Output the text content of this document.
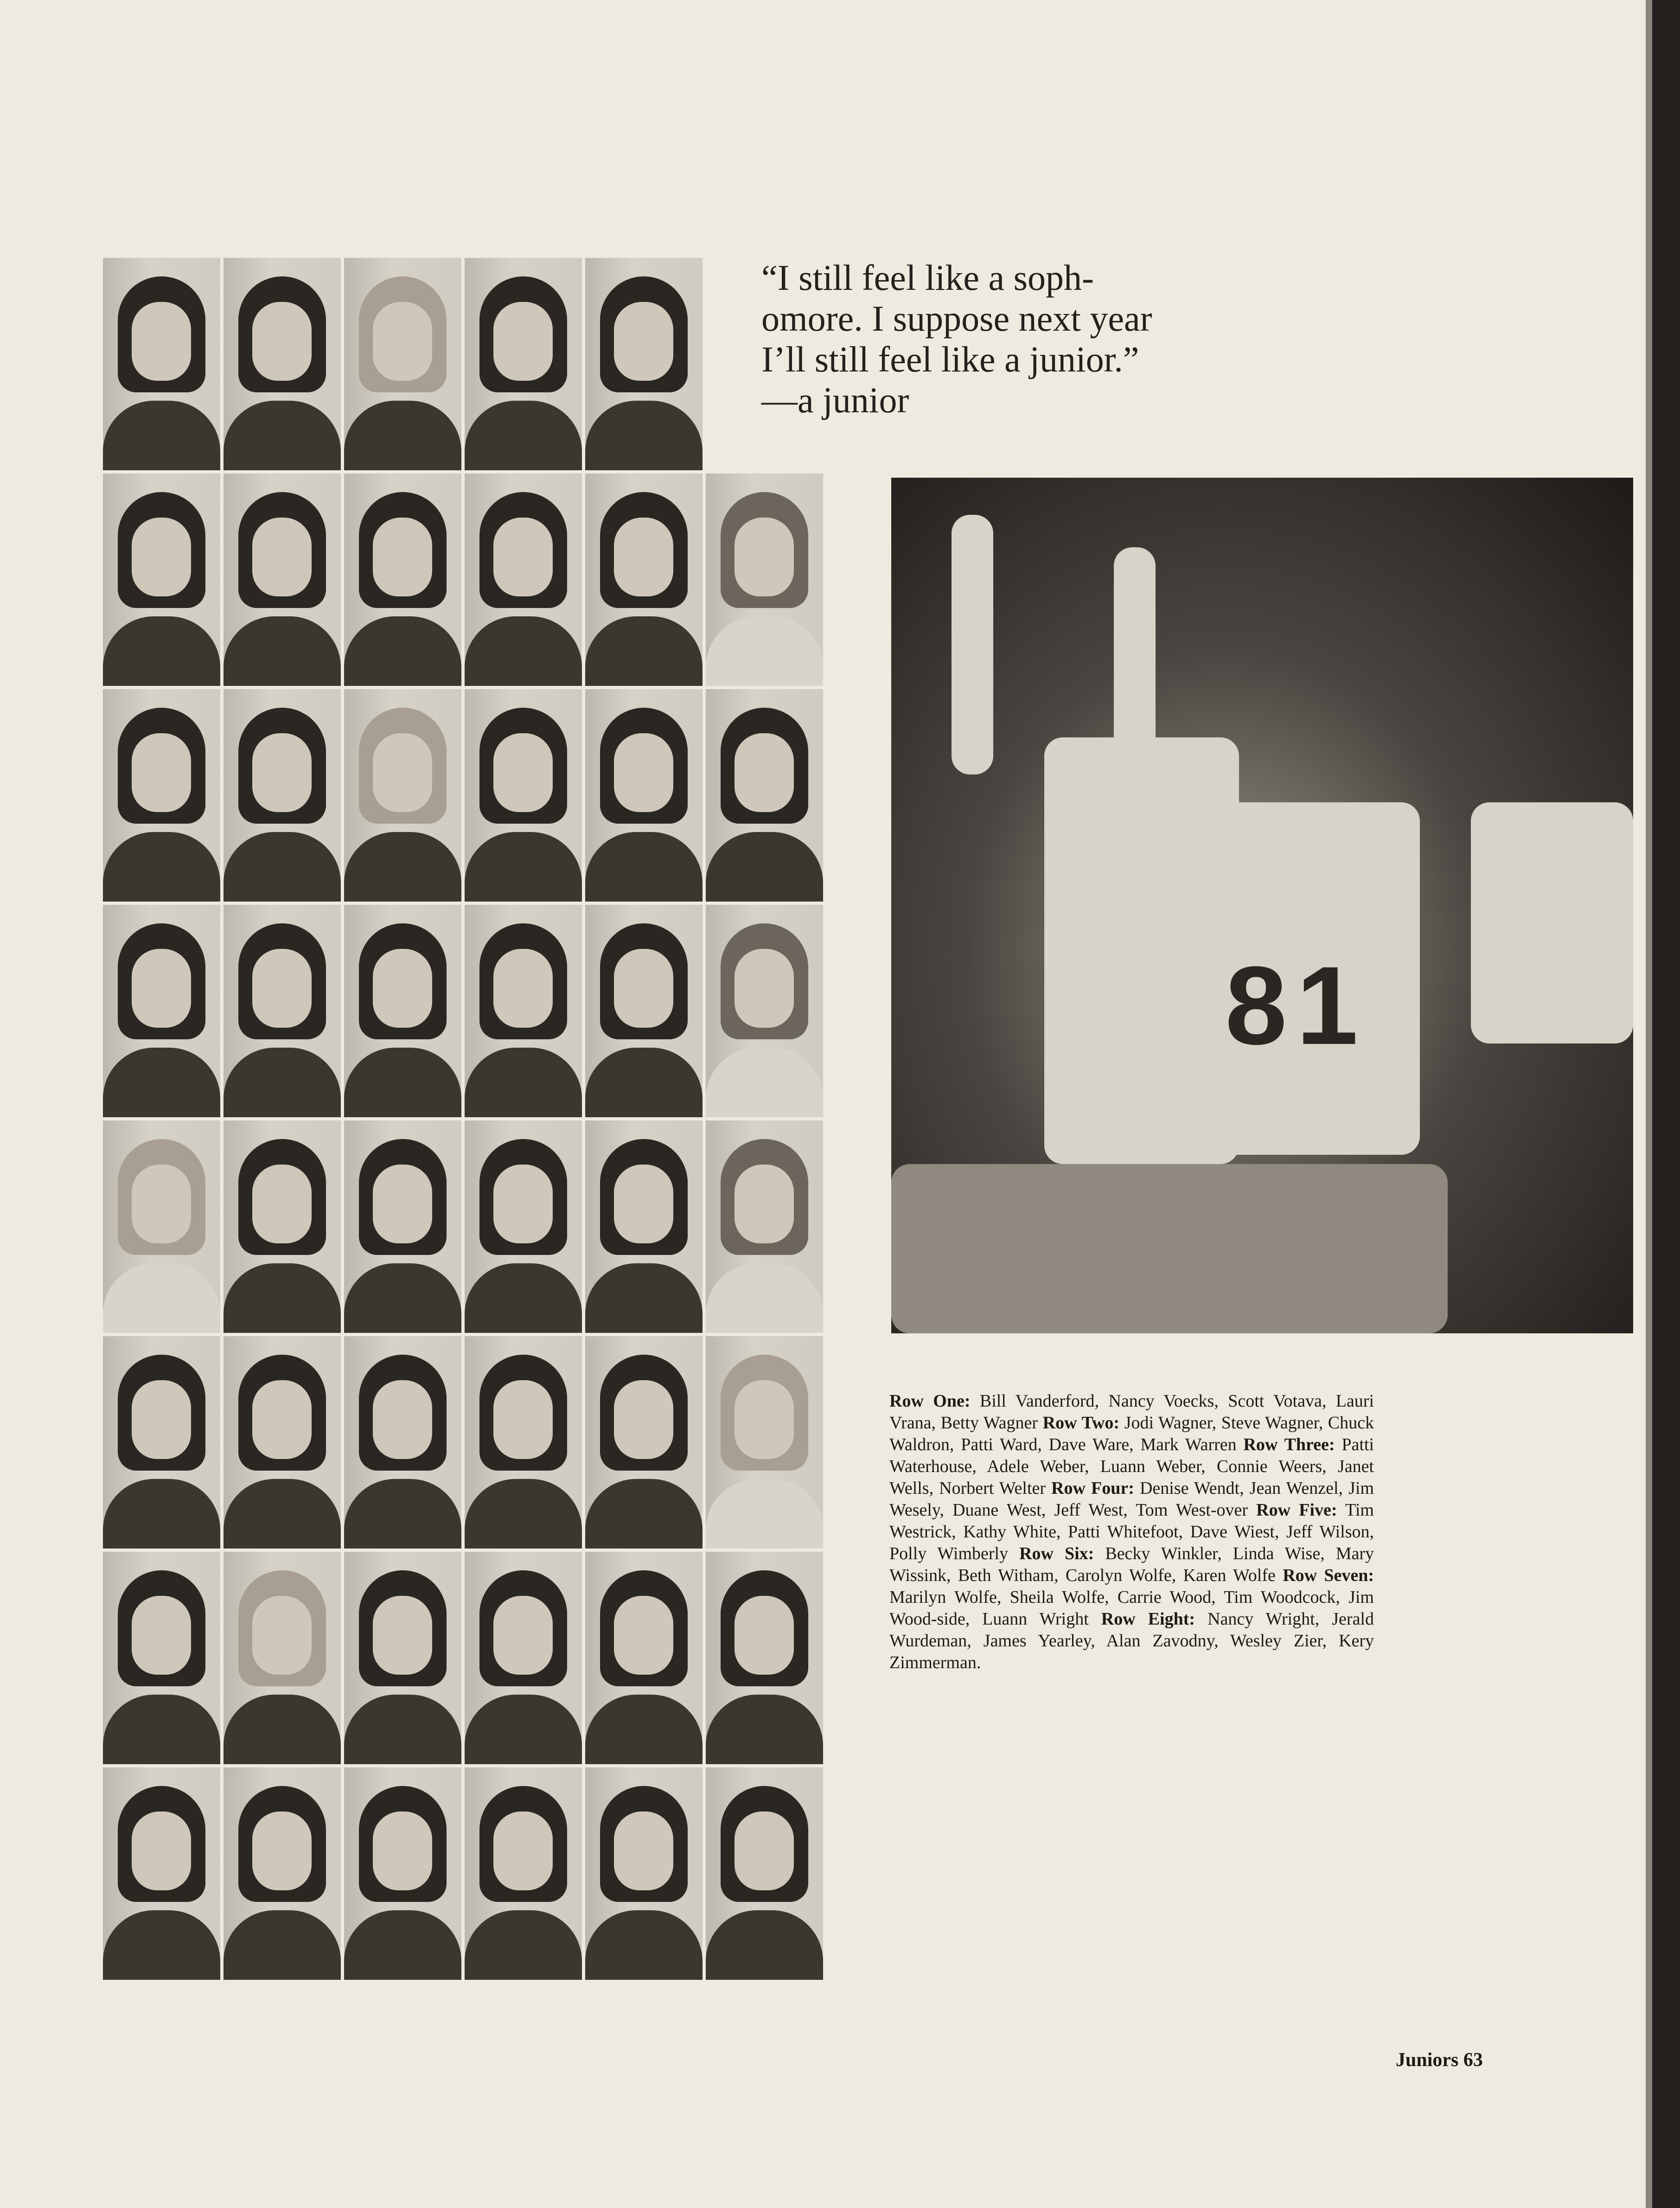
“I still feel like a soph-

omore. I suppose next year

I’ll still feel like a junior.”

—a junior

81
Row One: Bill Vanderford, Nancy Voecks, Scott Votava, Lauri Vrana, Betty Wagner Row Two: Jodi Wagner, Steve Wagner, Chuck Waldron, Patti Ward, Dave Ware, Mark Warren Row Three: Patti Waterhouse, Adele Weber, Luann Weber, Connie Weers, Janet Wells, Norbert Welter Row Four: Denise Wendt, Jean Wenzel, Jim Wesely, Duane West, Jeff West, Tom West-over Row Five: Tim Westrick, Kathy White, Patti Whitefoot, Dave Wiest, Jeff Wilson, Polly Wimberly Row Six: Becky Winkler, Linda Wise, Mary Wissink, Beth Witham, Carolyn Wolfe, Karen Wolfe Row Seven: Marilyn Wolfe, Sheila Wolfe, Carrie Wood, Tim Woodcock, Jim Wood-side, Luann Wright Row Eight: Nancy Wright, Jerald Wurdeman, James Yearley, Alan Zavodny, Wesley Zier, Kery Zimmerman.
Juniors 63
